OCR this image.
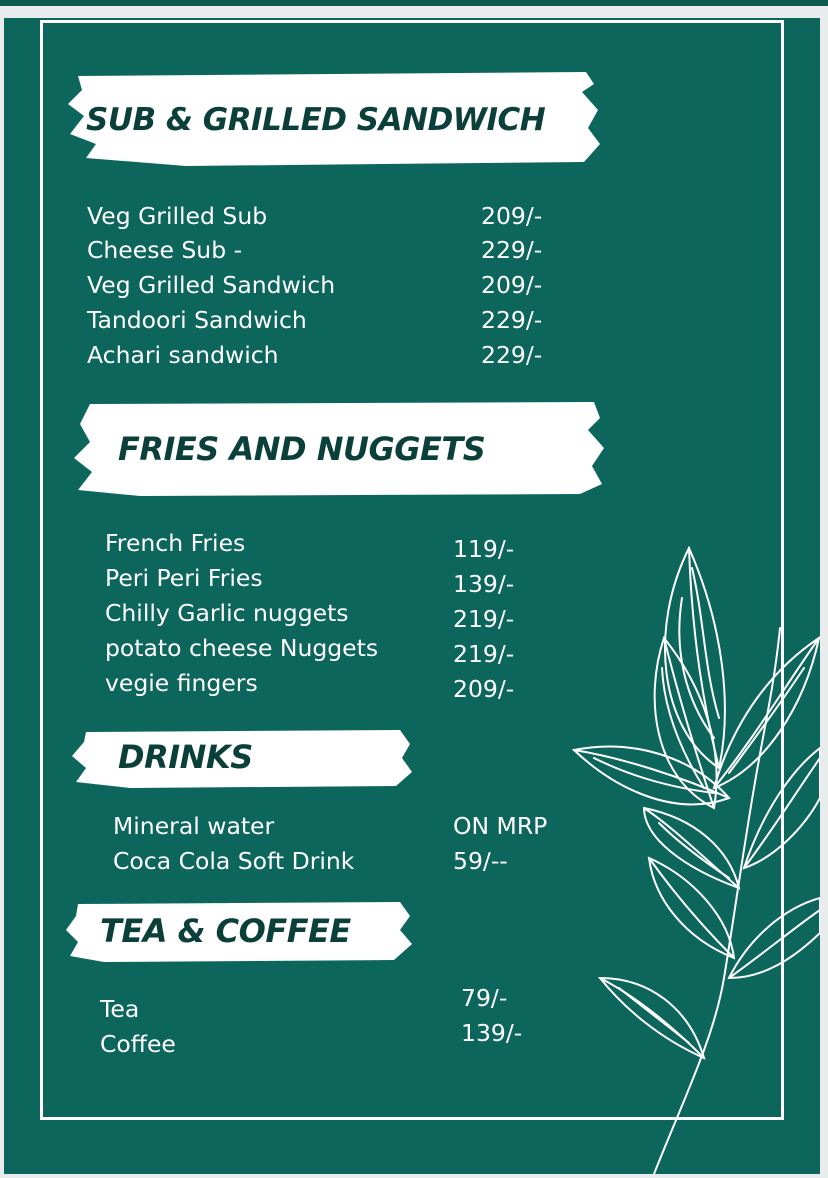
SUB & GRILLED SANDWICH
Veg Grilled Sub	209/-
Cheese Sub -	229/-
Veg Grilled Sandwich	209/-
Tandoori Sandwich	229/-
Achari sandwich	229/-
FRIES AND NUGGETS
French Fries	119/-
Peri Peri Fries	139/-
Chilly Garlic nuggets	219/-
potato cheese Nuggets	219/-
vegie fingers	209/-
DRINKS
Mineral water	ON MRP
Coca Cola Soft Drink	59/--
TEA & COFFEE
Tea	79/-
Coffee	139/-
